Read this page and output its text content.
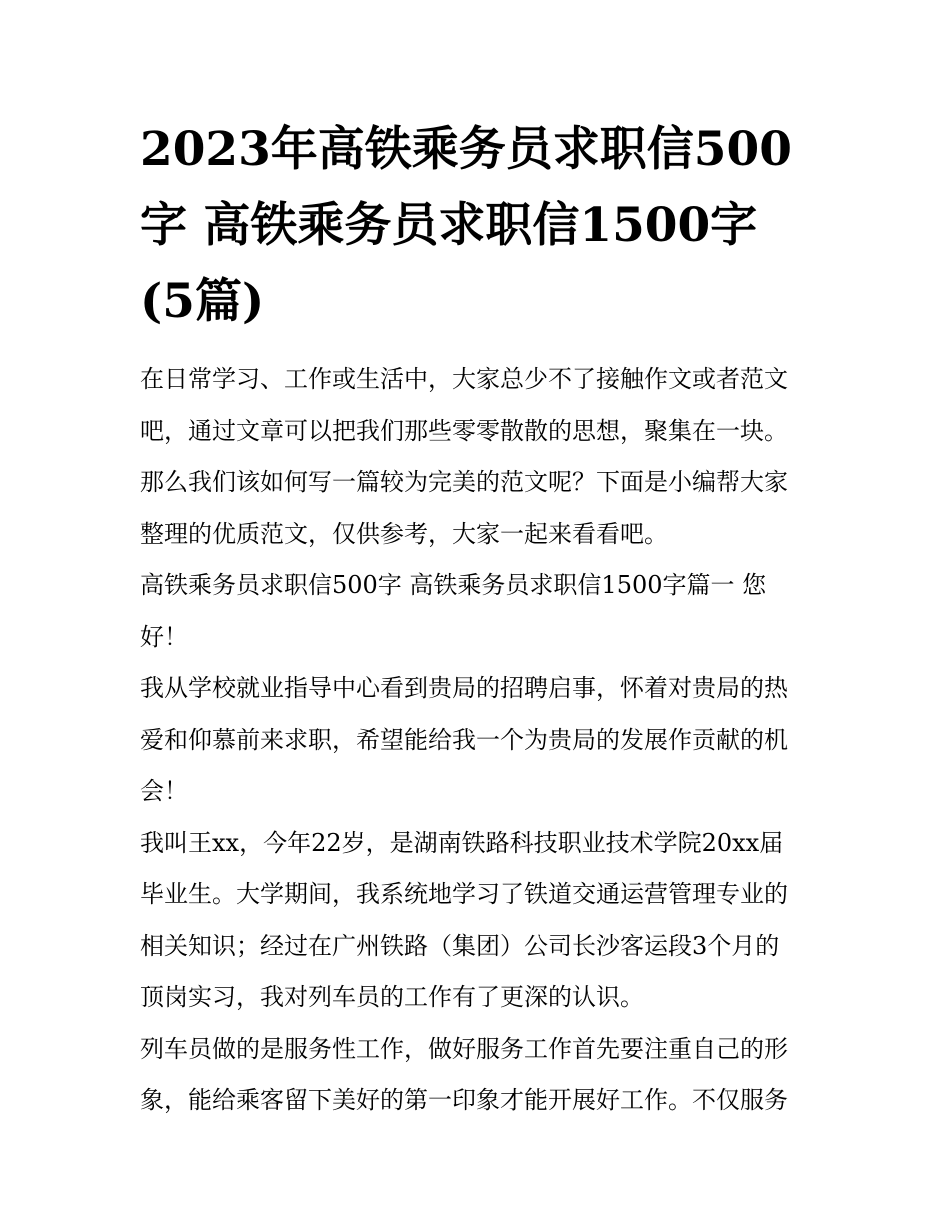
2023年高铁乘务员求职信500
字 高铁乘务员求职信1500字
(5篇)

在日常学习、工作或生活中，大家总少不了接触作文或者范文
吧，通过文章可以把我们那些零零散散的思想，聚集在一块。
那么我们该如何写一篇较为完美的范文呢？下面是小编帮大家
整理的优质范文，仅供参考，大家一起来看看吧。

高铁乘务员求职信500字 高铁乘务员求职信1500字篇一 您
好！

我从学校就业指导中心看到贵局的招聘启事，怀着对贵局的热
爱和仰慕前来求职，希望能给我一个为贵局的发展作贡献的机
会！

我叫王xx，今年22岁，是湖南铁路科技职业技术学院20xx届
毕业生。大学期间，我系统地学习了铁道交通运营管理专业的
相关知识；经过在广州铁路（集团）公司长沙客运段3个月的
顶岗实习，我对列车员的工作有了更深的认识。

列车员做的是服务性工作，做好服务工作首先要注重自己的形
象，能给乘客留下美好的第一印象才能开展好工作。不仅服务
